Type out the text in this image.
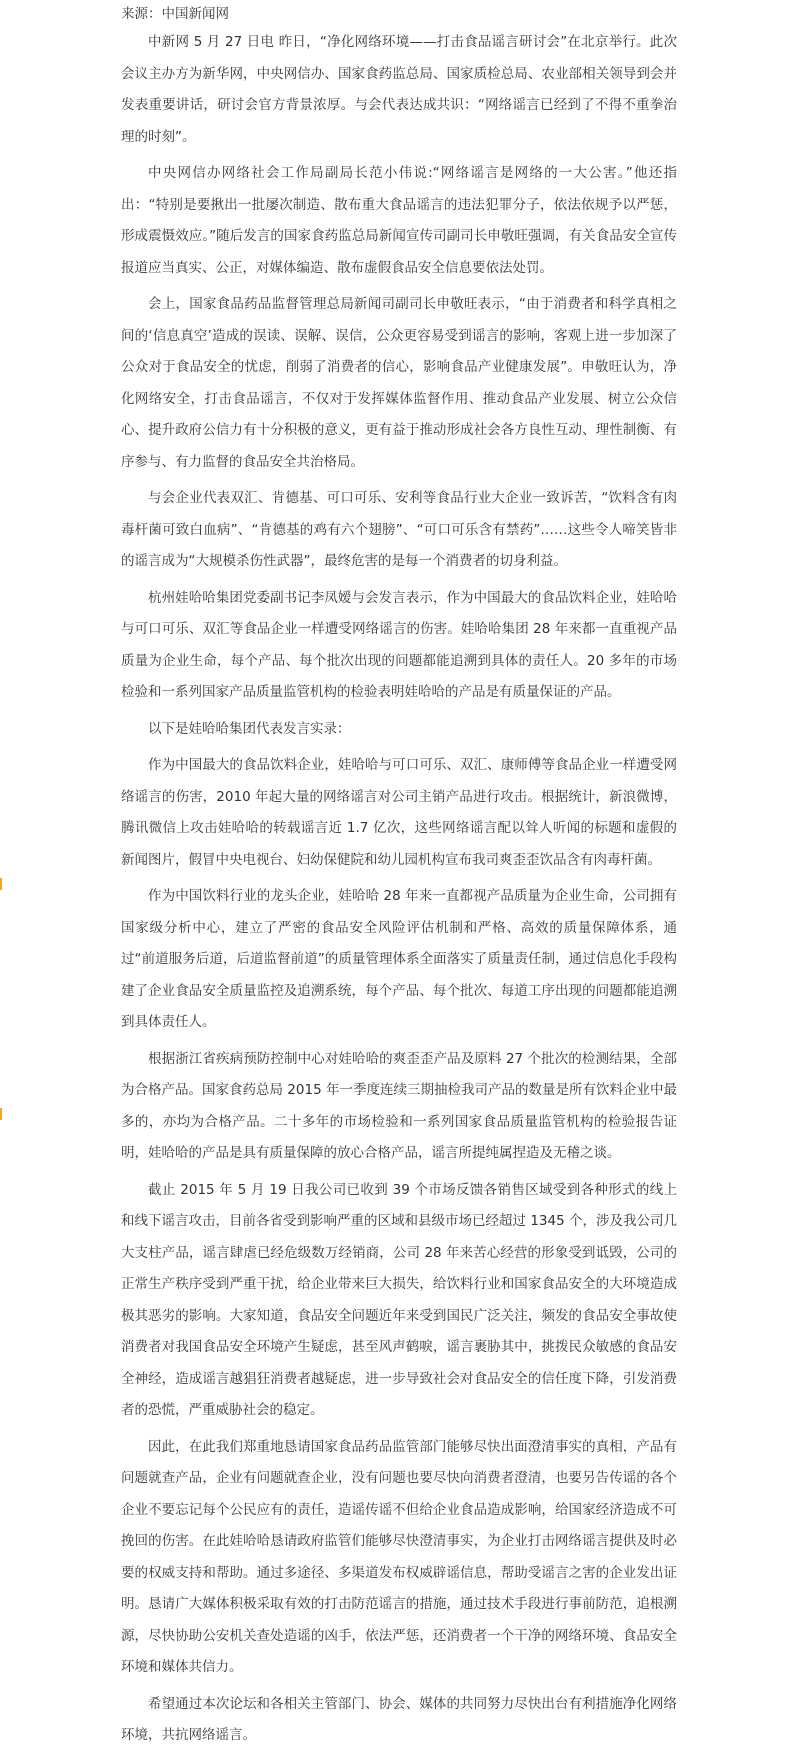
来源：中国新闻网

中新网 5 月 27 日电 昨日，“净化网络环境——打击食品谣言研讨会”在北京举行。此次会议主办方为新华网，中央网信办、国家食药监总局、国家质检总局、农业部相关领导到会并发表重要讲话，研讨会官方背景浓厚。与会代表达成共识：“网络谣言已经到了不得不重拳治理的时刻”。

中央网信办网络社会工作局副局长范小伟说:“网络谣言是网络的一大公害。”他还指出：“特别是要揪出一批屡次制造、散布重大食品谣言的违法犯罪分子，依法依规予以严惩，形成震慑效应。”随后发言的国家食药监总局新闻宣传司副司长申敬旺强调，有关食品安全宣传报道应当真实、公正，对媒体编造、散布虚假食品安全信息要依法处罚。

会上，国家食品药品监督管理总局新闻司副司长申敬旺表示，“由于消费者和科学真相之间的‘信息真空’造成的误读、误解、误信，公众更容易受到谣言的影响，客观上进一步加深了公众对于食品安全的忧虑，削弱了消费者的信心，影响食品产业健康发展”。申敬旺认为，净化网络安全，打击食品谣言，不仅对于发挥媒体监督作用、推动食品产业发展、树立公众信心、提升政府公信力有十分积极的意义，更有益于推动形成社会各方良性互动、理性制衡、有序参与、有力监督的食品安全共治格局。

与会企业代表双汇、肯德基、可口可乐、安利等食品行业大企业一致诉苦，“饮料含有肉毒杆菌可致白血病”、“肯德基的鸡有六个翅膀”、“可口可乐含有禁药”……这些令人啼笑皆非的谣言成为“大规模杀伤性武器”，最终危害的是每一个消费者的切身利益。

杭州娃哈哈集团党委副书记李凤嫒与会发言表示，作为中国最大的食品饮料企业，娃哈哈与可口可乐、双汇等食品企业一样遭受网络谣言的伤害。娃哈哈集团 28 年来都一直重视产品质量为企业生命，每个产品、每个批次出现的问题都能追溯到具体的责任人。20 多年的市场检验和一系列国家产品质量监管机构的检验表明娃哈哈的产品是有质量保证的产品。

以下是娃哈哈集团代表发言实录：

作为中国最大的食品饮料企业，娃哈哈与可口可乐、双汇、康师傅等食品企业一样遭受网络谣言的伤害，2010 年起大量的网络谣言对公司主销产品进行攻击。根据统计，新浪微博，腾讯微信上攻击娃哈哈的转载谣言近 1.7 亿次，这些网络谣言配以耸人听闻的标题和虚假的新闻图片，假冒中央电视台、妇幼保健院和幼儿园机构宣布我司爽歪歪饮品含有肉毒杆菌。

作为中国饮料行业的龙头企业，娃哈哈 28 年来一直都视产品质量为企业生命，公司拥有国家级分析中心，建立了严密的食品安全风险评估机制和严格、高效的质量保障体系，通过“前道服务后道，后道监督前道”的质量管理体系全面落实了质量责任制，通过信息化手段构建了企业食品安全质量监控及追溯系统，每个产品、每个批次、每道工序出现的问题都能追溯到具体责任人。

根据浙江省疾病预防控制中心对娃哈哈的爽歪歪产品及原料 27 个批次的检测结果，全部为合格产品。国家食药总局 2015 年一季度连续三期抽检我司产品的数量是所有饮料企业中最多的，亦均为合格产品。二十多年的市场检验和一系列国家食品质量监管机构的检验报告证明，娃哈哈的产品是具有质量保障的放心合格产品，谣言所提纯属捏造及无稽之谈。

截止 2015 年 5 月 19 日我公司已收到 39 个市场反馈各销售区域受到各种形式的线上和线下谣言攻击，目前各省受到影响严重的区域和县级市场已经超过 1345 个，涉及我公司几大支柱产品，谣言肆虐已经危级数万经销商，公司 28 年来苦心经营的形象受到诋毁，公司的正常生产秩序受到严重干扰，给企业带来巨大损失，给饮料行业和国家食品安全的大环境造成极其恶劣的影响。大家知道，食品安全问题近年来受到国民广泛关注，频发的食品安全事故使消费者对我国食品安全环境产生疑虑，甚至风声鹤唳，谣言裹胁其中，挑拨民众敏感的食品安全神经，造成谣言越猖狂消费者越疑虑，进一步导致社会对食品安全的信任度下降，引发消费者的恐慌，严重威胁社会的稳定。

因此，在此我们郑重地恳请国家食品药品监管部门能够尽快出面澄清事实的真相，产品有问题就查产品，企业有问题就查企业，没有问题也要尽快向消费者澄清，也要另告传谣的各个企业不要忘记每个公民应有的责任，造谣传谣不但给企业食品造成影响，给国家经济造成不可挽回的伤害。在此娃哈哈恳请政府监管们能够尽快澄清事实，为企业打击网络谣言提供及时必要的权威支持和帮助。通过多途径、多渠道发布权威辟谣信息，帮助受谣言之害的企业发出证明。恳请广大媒体积极采取有效的打击防范谣言的措施，通过技术手段进行事前防范，追根溯源，尽快协助公安机关查处造谣的凶手，依法严惩，还消费者一个干净的网络环境、食品安全环境和媒体共信力。

希望通过本次论坛和各相关主管部门、协会、媒体的共同努力尽快出台有利措施净化网络环境，共抗网络谣言。
